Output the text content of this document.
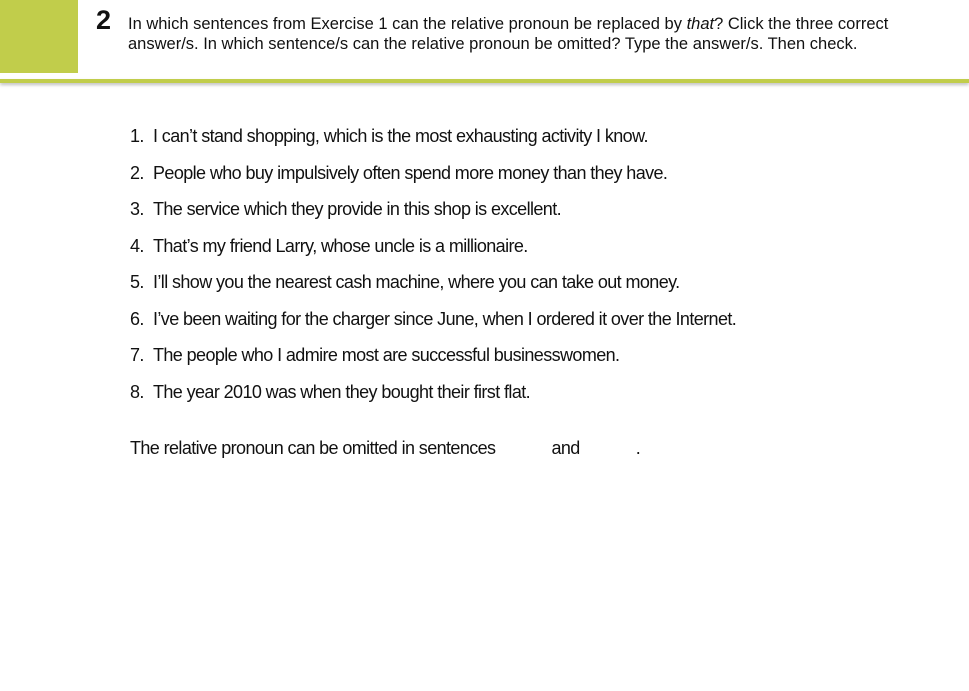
2 In which sentences from Exercise 1 can the relative pronoun be replaced by that? Click the three correct answer/s. In which sentence/s can the relative pronoun be omitted? Type the answer/s. Then check.
1. I can’t stand shopping, which is the most exhausting activity I know.
2. People who buy impulsively often spend more money than they have.
3. The service which they provide in this shop is excellent.
4. That’s my friend Larry, whose uncle is a millionaire.
5. I’ll show you the nearest cash machine, where you can take out money.
6. I’ve been waiting for the charger since June, when I ordered it over the Internet.
7. The people who I admire most are successful businesswomen.
8. The year 2010 was when they bought their first flat.
The relative pronoun can be omitted in sentences	and	.
